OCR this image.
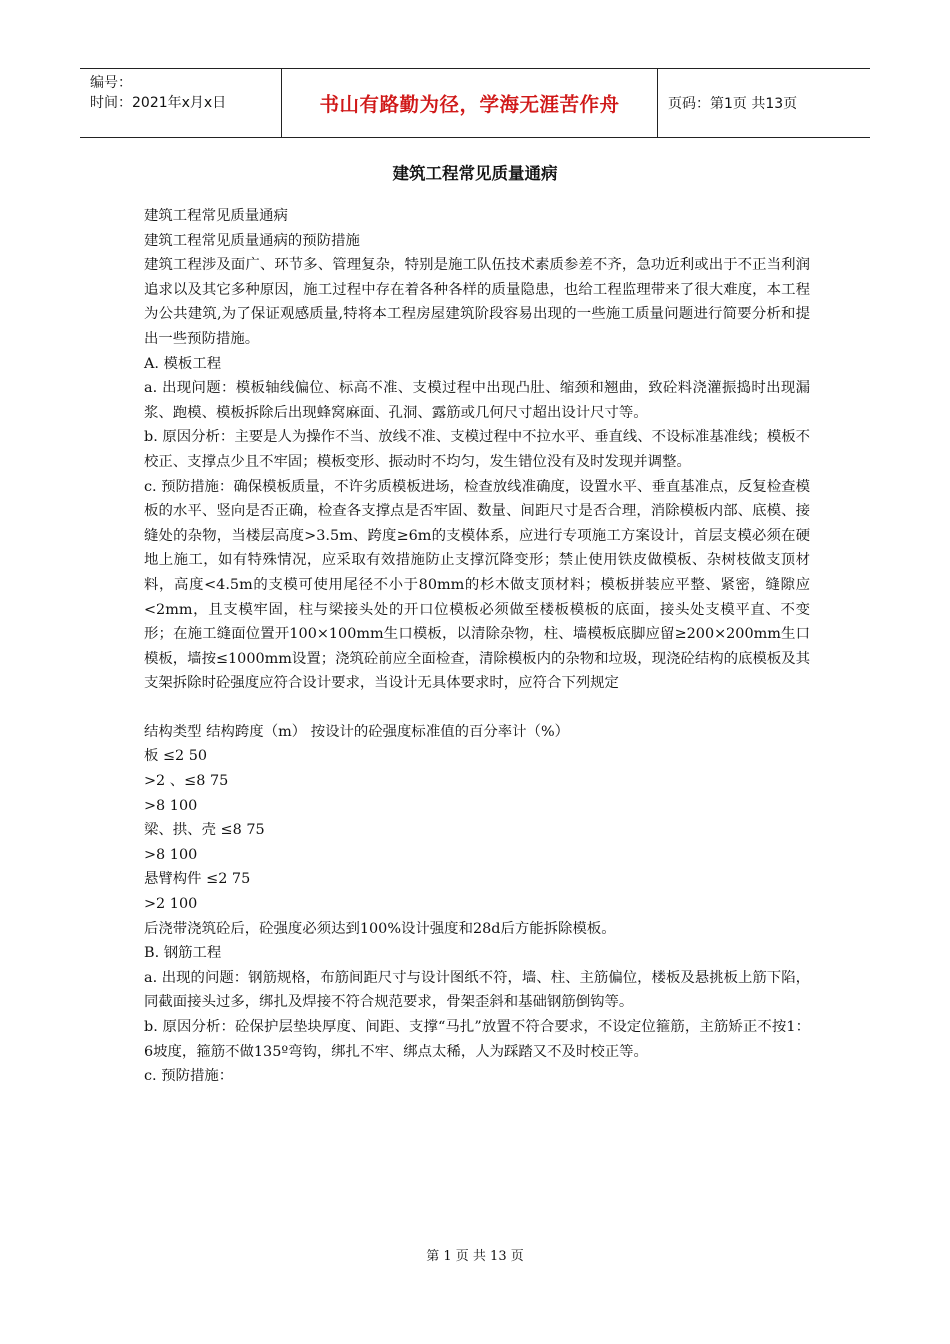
编号：
时间：2021年x月x日	书山有路勤为径，学海无涯苦作舟	页码：第1页 共13页
建筑工程常见质量通病

建筑工程常见质量通病

建筑工程常见质量通病的预防措施

建筑工程涉及面广、环节多、管理复杂，特别是施工队伍技术素质参差不齐，急功近利或出于不正当利润追求以及其它多种原因，施工过程中存在着各种各样的质量隐患，也给工程监理带来了很大难度，本工程为公共建筑,为了保证观感质量,特将本工程房屋建筑阶段容易出现的一些施工质量问题进行简要分析和提出一些预防措施。

A. 模板工程

a. 出现问题：模板轴线偏位、标高不准、支模过程中出现凸肚、缩颈和翘曲，致砼料浇灌振捣时出现漏浆、跑模、模板拆除后出现蜂窝麻面、孔洞、露筋或几何尺寸超出设计尺寸等。

b. 原因分析：主要是人为操作不当、放线不准、支模过程中不拉水平、垂直线、不设标准基准线；模板不校正、支撑点少且不牢固；模板变形、振动时不均匀，发生错位没有及时发现并调整。

c. 预防措施：确保模板质量，不许劣质模板进场，检查放线准确度，设置水平、垂直基准点，反复检查模板的水平、竖向是否正确，检查各支撑点是否牢固、数量、间距尺寸是否合理，消除模板内部、底模、接缝处的杂物，当楼层高度>3.5m、跨度≥6m的支模体系，应进行专项施工方案设计，首层支模必须在硬地上施工，如有特殊情况，应采取有效措施防止支撑沉降变形；禁止使用铁皮做模板、杂树枝做支顶材料，高度<4.5m的支模可使用尾径不小于80mm的杉木做支顶材料；模板拼装应平整、紧密，缝隙应<2mm，且支模牢固，柱与梁接头处的开口位模板必须做至楼板模板的底面，接头处支模平直、不变形；在施工缝面位置开100×100mm生口模板，以清除杂物，柱、墙模板底脚应留≥200×200mm生口模板，墙按≤1000mm设置；浇筑砼前应全面检查，清除模板内的杂物和垃圾，现浇砼结构的底模板及其支架拆除时砼强度应符合设计要求，当设计无具体要求时，应符合下列规定

结构类型 结构跨度（m） 按设计的砼强度标准值的百分率计（%）

板 ≤2 50

>2 、≤8 75

>8 100

梁、拱、壳 ≤8 75

>8 100

悬臂构件 ≤2 75

>2 100

后浇带浇筑砼后，砼强度必须达到100%设计强度和28d后方能拆除模板。

B. 钢筋工程

a. 出现的问题：钢筋规格，布筋间距尺寸与设计图纸不符，墙、柱、主筋偏位，楼板及悬挑板上筋下陷，同截面接头过多，绑扎及焊接不符合规范要求，骨架歪斜和基础钢筋倒钩等。

b. 原因分析：砼保护层垫块厚度、间距、支撑“马扎”放置不符合要求，不设定位箍筋，主筋矫正不按1：6坡度，箍筋不做135º弯钩，绑扎不牢、绑点太稀，人为踩踏又不及时校正等。

c. 预防措施：

第 1 页 共 13 页
